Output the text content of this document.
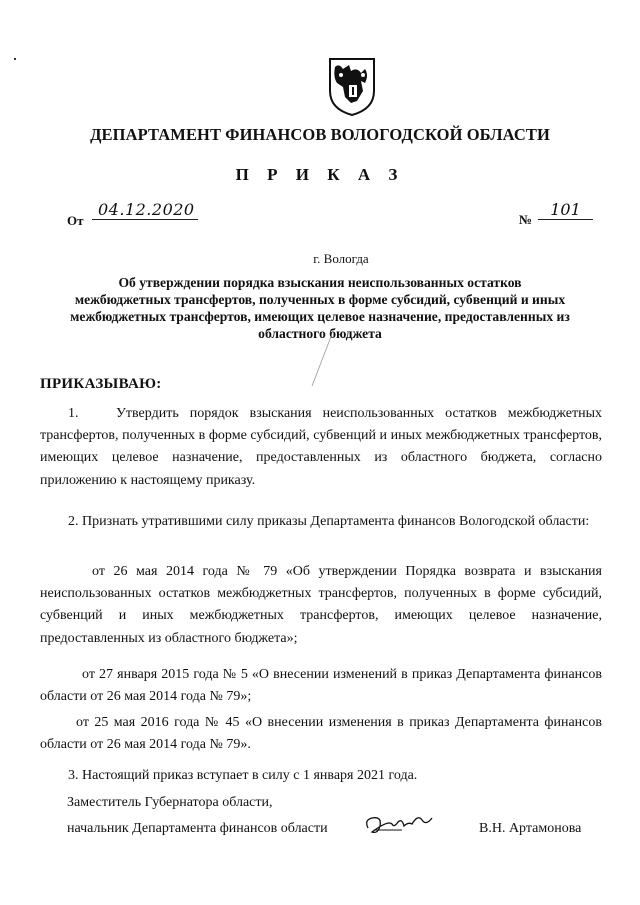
ДЕПАРТАМЕНТ ФИНАНСОВ ВОЛОГОДСКОЙ ОБЛАСТИ
П Р И К А З
От
04.12.2020
№
101
г. Вологда
Об утверждении порядка взыскания неиспользованных остатков
межбюджетных трансфертов, полученных в форме субсидий, субвенций и иных
межбюджетных трансфертов, имеющих целевое назначение, предоставленных из
областного бюджета
ПРИКАЗЫВАЮ:
1.	Утвердить порядок взыскания неиспользованных остатков межбюджетных трансфертов, полученных в форме субсидий, субвенций и иных межбюджетных трансфертов, имеющих целевое назначение, предоставленных из областного бюджета, согласно приложению к настоящему приказу.
2. Признать утратившими силу приказы Департамента финансов Вологодской области:
от 26 мая 2014 года № 79 «Об утверждении Порядка возврата и взыскания неиспользованных остатков межбюджетных трансфертов, полученных в форме субсидий, субвенций и иных межбюджетных трансфертов, имеющих целевое назначение, предоставленных из областного бюджета»;
от 27 января 2015 года № 5 «О внесении изменений в приказ Департамента финансов области от 26 мая 2014 года № 79»;
от 25 мая 2016 года № 45 «О внесении изменения в приказ Департамента финансов области от 26 мая 2014 года № 79».
3. Настоящий приказ вступает в силу с 1 января 2021 года.
Заместитель Губернатора области,
начальник Департамента финансов области	В.Н. Артамонова
